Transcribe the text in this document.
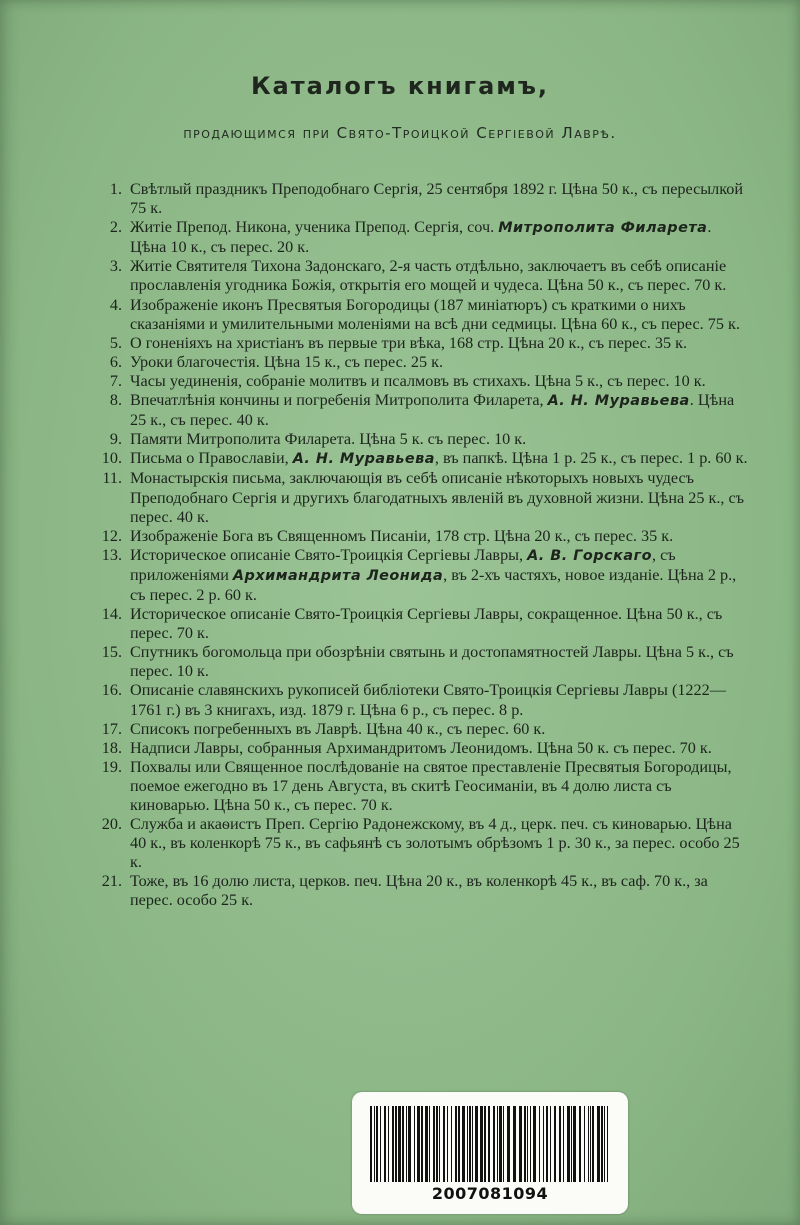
Каталогъ книгамъ,
продающимся при Свято-Троицкой Сергіевой Лаврѣ.

1. Свѣтлый праздникъ Преподобнаго Сергія, 25 сентября 1892 г. Цѣна 50 к., съ пересылкой 75 к.

2. Житіе Препод. Никона, ученика Препод. Сергія, соч. Митрополита Филарета. Цѣна 10 к., съ перес. 20 к.

3. Житіе Святителя Тихона Задонскаго, 2-я часть отдѣльно, заключаетъ въ себѣ описаніе прославленія угодника Божія, открытія его мощей и чудеса. Цѣна 50 к., съ перес. 70 к.

4. Изображеніе иконъ Пресвятыя Богородицы (187 миніатюръ) съ краткими о нихъ сказаніями и умилительными моленіями на всѣ дни седмицы. Цѣна 60 к., съ перес. 75 к.

5. О гоненіяхъ на христіанъ въ первые три вѣка, 168 стр. Цѣна 20 к., съ перес. 35 к.

6. Уроки благочестія. Цѣна 15 к., съ перес. 25 к.

7. Часы уединенія, собраніе молитвъ и псалмовъ въ стихахъ. Цѣна 5 к., съ перес. 10 к.

8. Впечатлѣнія кончины и погребенія Митрополита Филарета, А. Н. Муравьева. Цѣна 25 к., съ перес. 40 к.

9. Памяти Митрополита Филарета. Цѣна 5 к. съ перес. 10 к.

10. Письма о Православіи, А. Н. Муравьева, въ папкѣ. Цѣна 1 р. 25 к., съ перес. 1 р. 60 к.

11. Монастырскія письма, заключающія въ себѣ описаніе нѣкоторыхъ новыхъ чудесъ Преподобнаго Сергія и другихъ благодатныхъ явленій въ духовной жизни. Цѣна 25 к., съ перес. 40 к.

12. Изображеніе Бога въ Священномъ Писаніи, 178 стр. Цѣна 20 к., съ перес. 35 к.

13. Историческое описаніе Свято-Троицкія Сергіевы Лавры, А. В. Горскаго, съ приложеніями Архимандрита Леонида, въ 2-хъ частяхъ, новое изданіе. Цѣна 2 р., съ перес. 2 р. 60 к.

14. Историческое описаніе Свято-Троицкія Сергіевы Лавры, сокращенное. Цѣна 50 к., съ перес. 70 к.

15. Спутникъ богомольца при обозрѣніи святынь и достопамятностей Лавры. Цѣна 5 к., съ перес. 10 к.

16. Описаніе славянскихъ рукописей библіотеки Свято-Троицкія Сергіевы Лавры (1222—1761 г.) въ 3 книгахъ, изд. 1879 г. Цѣна 6 р., съ перес. 8 р.

17. Списокъ погребенныхъ въ Лаврѣ. Цѣна 40 к., съ перес. 60 к.

18. Надписи Лавры, собранныя Архимандритомъ Леонидомъ. Цѣна 50 к. съ перес. 70 к.

19. Похвалы или Священное послѣдованіе на святое преставленіе Пресвятыя Богородицы, поемое ежегодно въ 17 день Августа, въ скитѣ Геосиманіи, въ 4 долю листа съ киноварью. Цѣна 50 к., съ перес. 70 к.

20. Служба и акаѳистъ Преп. Сергію Радонежскому, въ 4 д., церк. печ. съ киноварью. Цѣна 40 к., въ коленкорѣ 75 к., въ сафьянѣ съ золотымъ обрѣзомъ 1 р. 30 к., за перес. особо 25 к.

21. Тоже, въ 16 долю листа, церков. печ. Цѣна 20 к., въ коленкорѣ 45 к., въ саф. 70 к., за перес. особо 25 к.

2007081094
